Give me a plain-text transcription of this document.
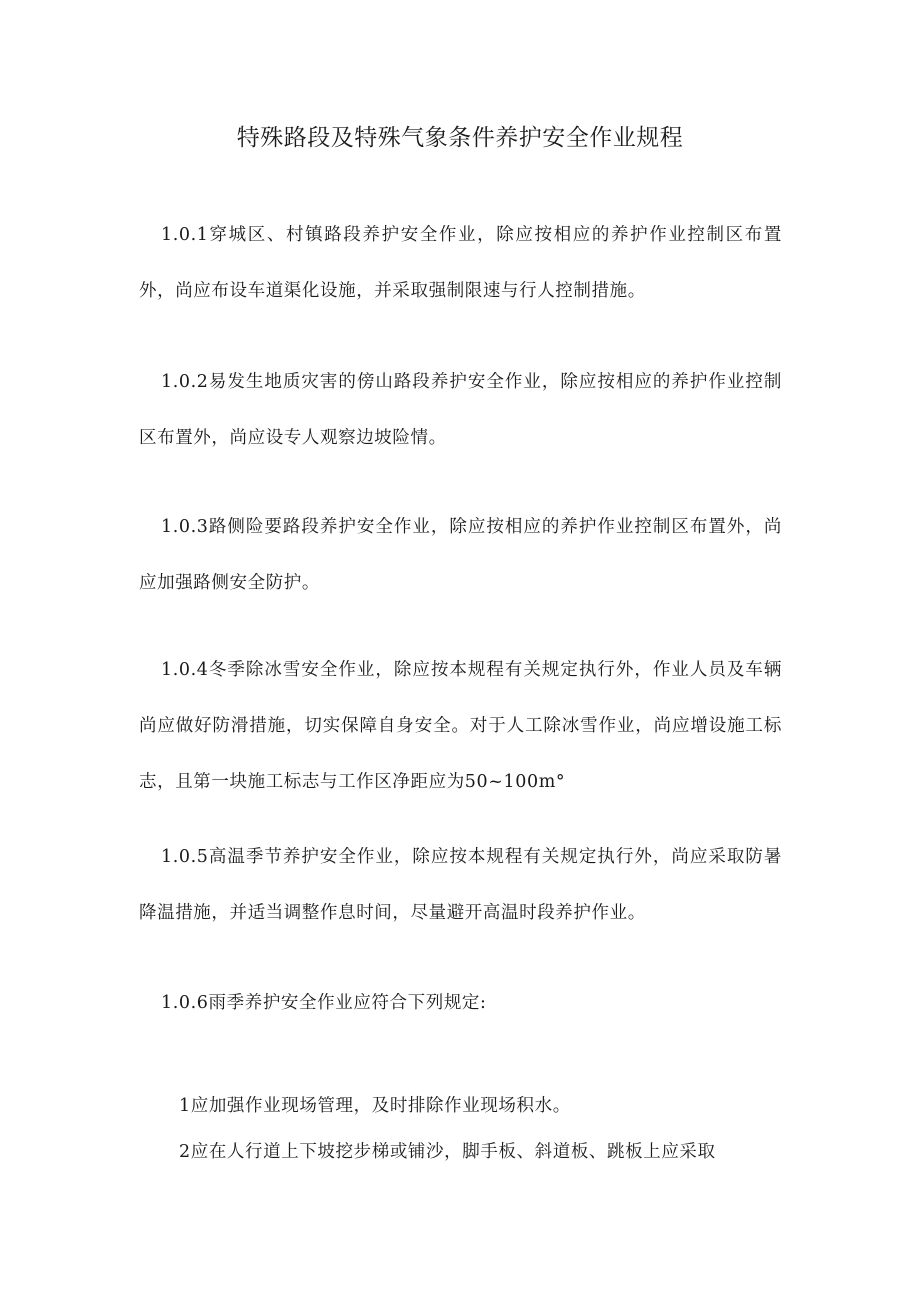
特殊路段及特殊气象条件养护安全作业规程

1.0.1穿城区、村镇路段养护安全作业，除应按相应的养护作业控制区布置外，尚应布设车道渠化设施，并采取强制限速与行人控制措施。

1.0.2易发生地质灾害的傍山路段养护安全作业，除应按相应的养护作业控制区布置外，尚应设专人观察边坡险情。

1.0.3路侧险要路段养护安全作业，除应按相应的养护作业控制区布置外，尚应加强路侧安全防护。

1.0.4冬季除冰雪安全作业，除应按本规程有关规定执行外，作业人员及车辆尚应做好防滑措施，切实保障自身安全。对于人工除冰雪作业，尚应增设施工标志，且第一块施工标志与工作区净距应为50~100m°

1.0.5高温季节养护安全作业，除应按本规程有关规定执行外，尚应采取防暑降温措施，并适当调整作息时间，尽量避开高温时段养护作业。

1.0.6雨季养护安全作业应符合下列规定:

1应加强作业现场管理，及时排除作业现场积水。

2应在人行道上下坡挖步梯或铺沙，脚手板、斜道板、跳板上应采取
